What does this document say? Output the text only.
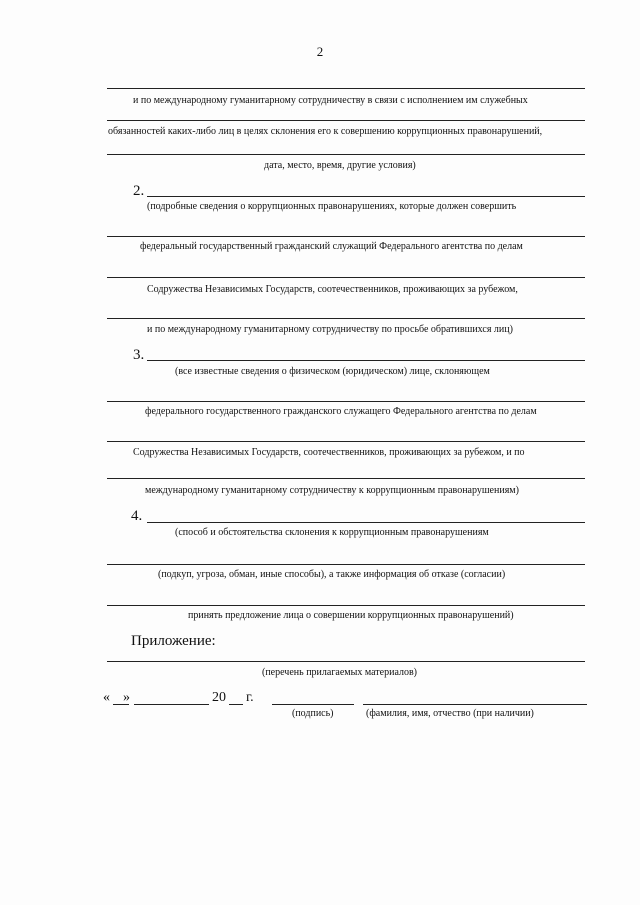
2
и по международному гуманитарному сотрудничеству в связи с исполнением им служебных
обязанностей каких-либо лиц в целях склонения его к совершению коррупционных правонарушений,
дата, место, время, другие условия)
2.
(подробные сведения о коррупционных правонарушениях, которые должен совершить
федеральный государственный гражданский служащий Федерального агентства по делам
Содружества Независимых Государств, соотечественников, проживающих за рубежом,
и по международному гуманитарному сотрудничеству по просьбе обратившихся лиц)
3.
(все известные сведения о физическом (юридическом) лице, склоняющем
федерального государственного гражданского служащего Федерального агентства по делам
Содружества Независимых Государств, соотечественников, проживающих за рубежом, и по
международному гуманитарному сотрудничеству к коррупционным правонарушениям)
4.
(способ и обстоятельства склонения к коррупционным правонарушениям
(подкуп, угроза, обман, иные способы), а также информация об отказе (согласии)
принять предложение лица о совершении коррупционных правонарушений)
Приложение:
(перечень прилагаемых материалов)
« »	20 г.
(подпись)	(фамилия, имя, отчество (при наличии)
